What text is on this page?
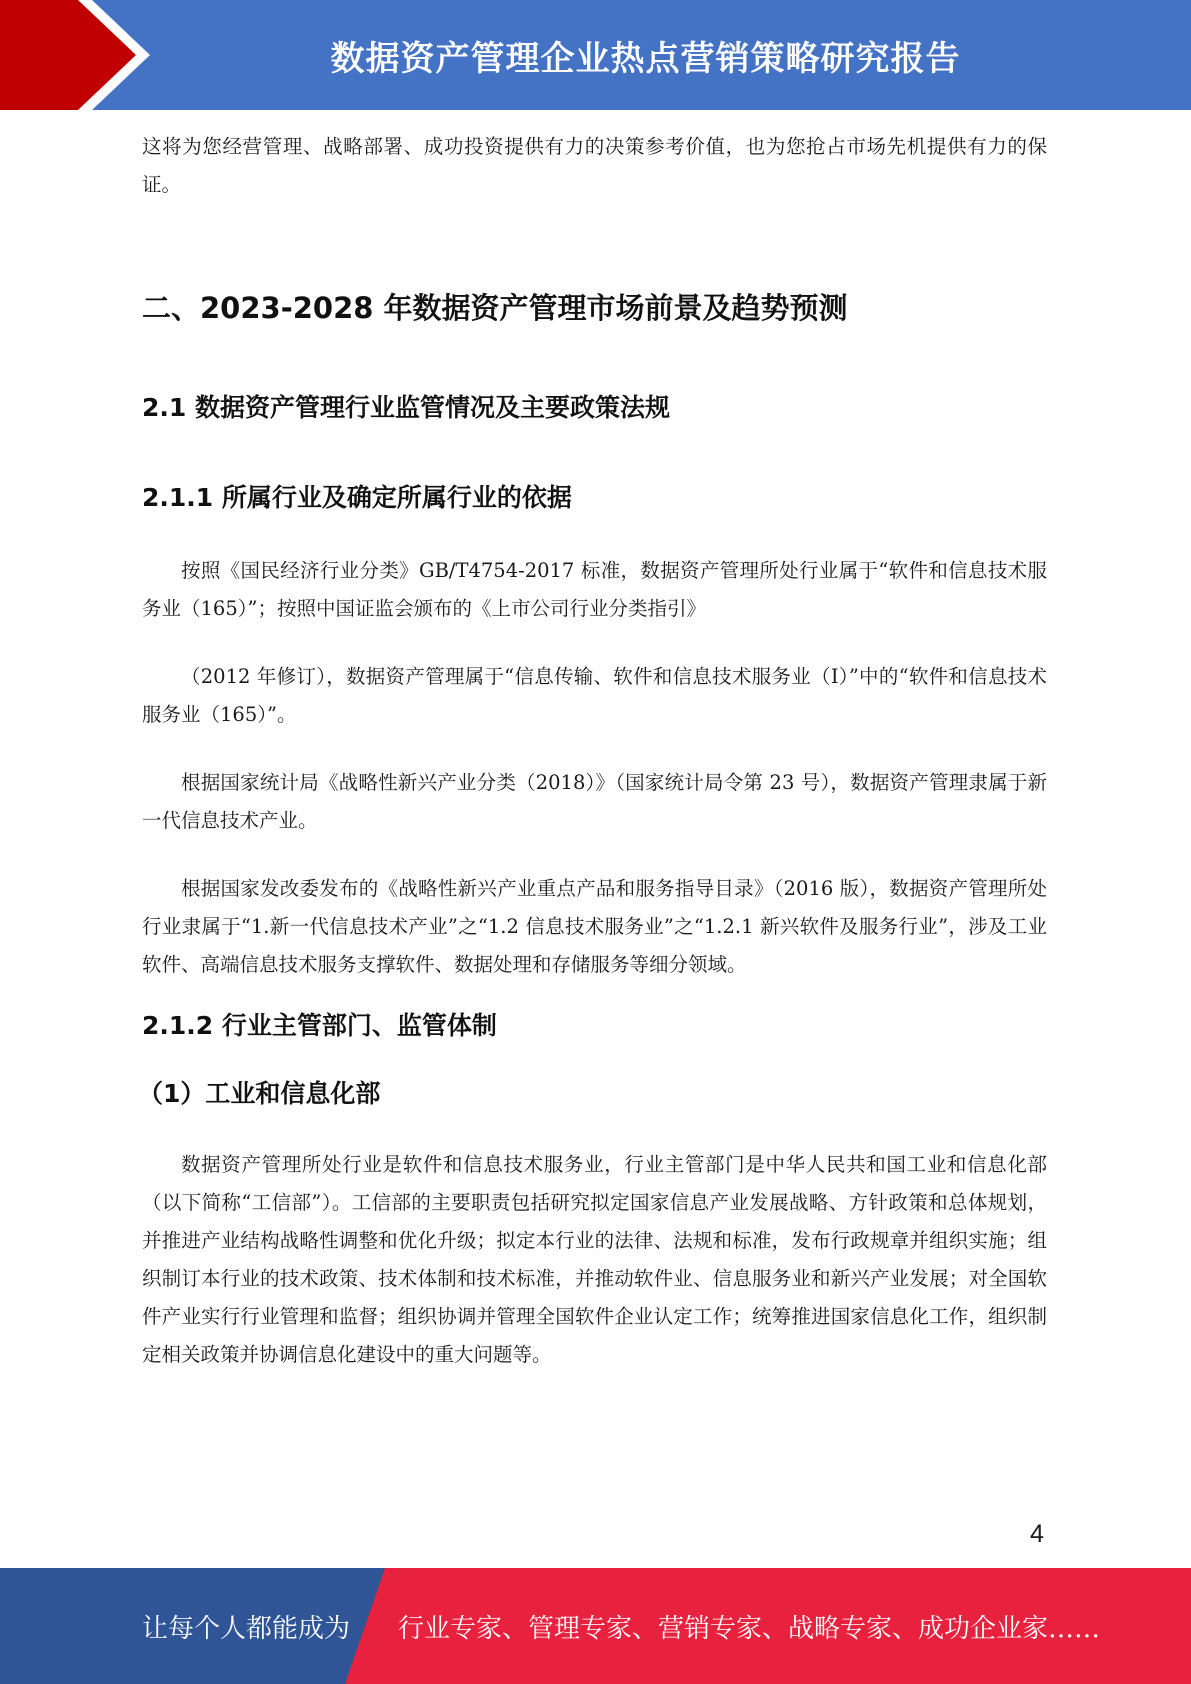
数据资产管理企业热点营销策略研究报告

这将为您经营管理、战略部署、成功投资提供有力的决策参考价值，也为您抢占市场先机提供有力的保证。

二、2023-2028 年数据资产管理市场前景及趋势预测
2.1 数据资产管理行业监管情况及主要政策法规
2.1.1 所属行业及确定所属行业的依据

按照《国民经济行业分类》GB/T4754-2017 标准，数据资产管理所处行业属于“软件和信息技术服务业（165）”；按照中国证监会颁布的《上市公司行业分类指引》

（2012 年修订），数据资产管理属于“信息传输、软件和信息技术服务业（I）”中的“软件和信息技术服务业（165）”。

根据国家统计局《战略性新兴产业分类（2018）》（国家统计局令第 23 号），数据资产管理隶属于新一代信息技术产业。

根据国家发改委发布的《战略性新兴产业重点产品和服务指导目录》（2016 版），数据资产管理所处行业隶属于“1.新一代信息技术产业”之“1.2 信息技术服务业”之“1.2.1 新兴软件及服务行业”，涉及工业软件、高端信息技术服务支撑软件、数据处理和存储服务等细分领域。

2.1.2 行业主管部门、监管体制
（1）工业和信息化部

数据资产管理所处行业是软件和信息技术服务业，行业主管部门是中华人民共和国工业和信息化部（以下简称“工信部”）。工信部的主要职责包括研究拟定国家信息产业发展战略、方针政策和总体规划，并推进产业结构战略性调整和优化升级；拟定本行业的法律、法规和标准，发布行政规章并组织实施；组织制订本行业的技术政策、技术体制和技术标准，并推动软件业、信息服务业和新兴产业发展；对全国软件产业实行行业管理和监督；组织协调并管理全国软件企业认定工作；统筹推进国家信息化工作，组织制定相关政策并协调信息化建设中的重大问题等。

4
让每个人都能成为 行业专家、管理专家、营销专家、战略专家、成功企业家……
